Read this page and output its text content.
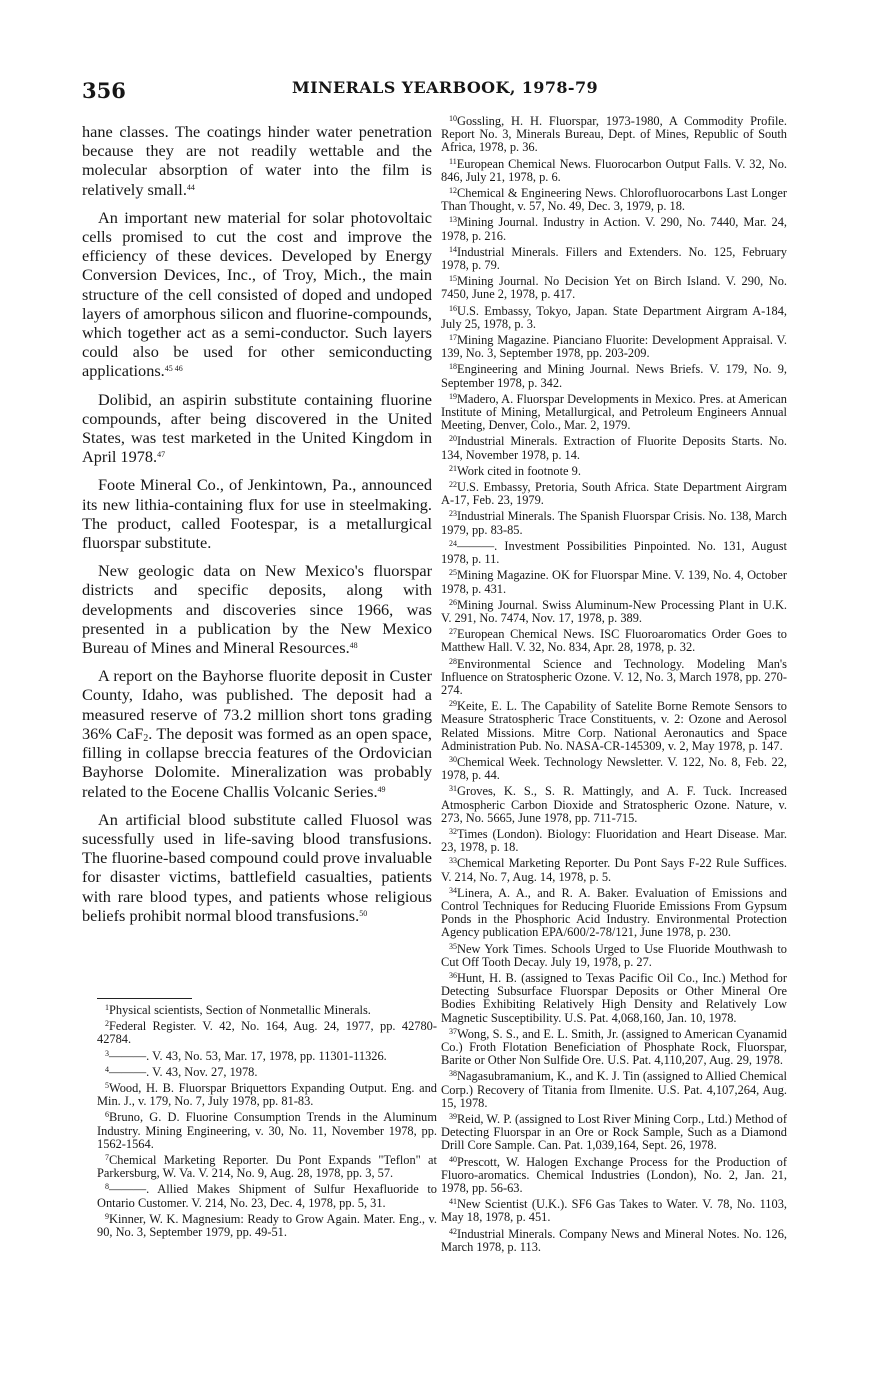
356	MINERALS YEARBOOK, 1978-79

hane classes. The coatings hinder water penetration because they are not readily wettable and the molecular absorption of water into the film is relatively small.$^{44}$

An important new material for solar photovoltaic cells promised to cut the cost and improve the efficiency of these devices. Developed by Energy Conversion Devices, Inc., of Troy, Mich., the main structure of the cell consisted of doped and undoped layers of amorphous silicon and fluorine-compounds, which together act as a semi-conductor. Such layers could also be used for other semiconducting applications.$^{45 46}$

Dolibid, an aspirin substitute containing fluorine compounds, after being discovered in the United States, was test marketed in the United Kingdom in April 1978.47

Foote Mineral Co., of Jenkintown, Pa., announced its new lithia-containing flux for use in steelmaking. The product, called Footespar, is a metallurgical fluorspar substitute.

New geologic data on New Mexico's fluorspar districts and specific deposits, along with developments and discoveries since 1966, was presented in a publication by the New Mexico Bureau of Mines and Mineral Resources.$^{48}$

A report on the Bayhorse fluorite deposit in Custer County, Idaho, was published. The deposit had a measured reserve of 73.2 million short tons grading 36% CaF$_2$. The deposit was formed as an open space, filling in collapse breccia features of the Ordovician Bayhorse Dolomite. Mineralization was probably related to the Eocene Challis Volcanic Series.$^{49}$

An artificial blood substitute called Fluosol was sucessfully used in life-saving blood transfusions. The fluorine-based compound could prove invaluable for disaster victims, battlefield casualties, patients with rare blood types, and patients whose religious beliefs prohibit normal blood transfusions.$^{50}$

$^1$Physical scientists, Section of Nonmetallic Minerals.

$^2$Federal Register. V. 42, No. 164, Aug. 24, 1977, pp. 42780-42784.

$^3$———. V. 43, No. 53, Mar. 17, 1978, pp. 11301-11326.

$^4$———. V. 43, Nov. 27, 1978.

$^5$Wood, H. B. Fluorspar Briquettors Expanding Output. Eng. and Min. J., v. 179, No. 7, July 1978, pp. 81-83.

$^6$Bruno, G. D. Fluorine Consumption Trends in the Aluminum Industry. Mining Engineering, v. 30, No. 11, November 1978, pp. 1562-1564.

$^7$Chemical Marketing Reporter. Du Pont Expands "Teflon" at Parkersburg, W. Va. V. 214, No. 9, Aug. 28, 1978, pp. 3, 57.

$^8$———. Allied Makes Shipment of Sulfur Hexafluoride to Ontario Customer. V. 214, No. 23, Dec. 4, 1978, pp. 5, 31.

$^9$Kinner, W. K. Magnesium: Ready to Grow Again. Mater. Eng., v. 90, No. 3, September 1979, pp. 49-51.

$^{10}$Gossling, H. H. Fluorspar, 1973-1980, A Commodity Profile. Report No. 3, Minerals Bureau, Dept. of Mines, Republic of South Africa, 1978, p. 36.

$^{11}$European Chemical News. Fluorocarbon Output Falls. V. 32, No. 846, July 21, 1978, p. 6.

$^{12}$Chemical & Engineering News. Chlorofluorocarbons Last Longer Than Thought, v. 57, No. 49, Dec. 3, 1979, p. 18.

$^{13}$Mining Journal. Industry in Action. V. 290, No. 7440, Mar. 24, 1978, p. 216.

$^{14}$Industrial Minerals. Fillers and Extenders. No. 125, February 1978, p. 79.

$^{15}$Mining Journal. No Decision Yet on Birch Island. V. 290, No. 7450, June 2, 1978, p. 417.

$^{16}$U.S. Embassy, Tokyo, Japan. State Department Airgram A-184, July 25, 1978, p. 3.

$^{17}$Mining Magazine. Pianciano Fluorite: Development Appraisal. V. 139, No. 3, September 1978, pp. 203-209.

$^{18}$Engineering and Mining Journal. News Briefs. V. 179, No. 9, September 1978, p. 342.

$^{19}$Madero, A. Fluorspar Developments in Mexico. Pres. at American Institute of Mining, Metallurgical, and Petroleum Engineers Annual Meeting, Denver, Colo., Mar. 2, 1979.

$^{20}$Industrial Minerals. Extraction of Fluorite Deposits Starts. No. 134, November 1978, p. 14.

$^{21}$Work cited in footnote 9.

$^{22}$U.S. Embassy, Pretoria, South Africa. State Department Airgram A-17, Feb. 23, 1979.

$^{23}$Industrial Minerals. The Spanish Fluorspar Crisis. No. 138, March 1979, pp. 83-85.

$^{24}$———. Investment Possibilities Pinpointed. No. 131, August 1978, p. 11.

$^{25}$Mining Magazine. OK for Fluorspar Mine. V. 139, No. 4, October 1978, p. 431.

$^{26}$Mining Journal. Swiss Aluminum-New Processing Plant in U.K. V. 291, No. 7474, Nov. 17, 1978, p. 389.

$^{27}$European Chemical News. ISC Fluoroaromatics Order Goes to Matthew Hall. V. 32, No. 834, Apr. 28, 1978, p. 32.

$^{28}$Environmental Science and Technology. Modeling Man's Influence on Stratospheric Ozone. V. 12, No. 3, March 1978, pp. 270-274.

$^{29}$Keite, E. L. The Capability of Satelite Borne Remote Sensors to Measure Stratospheric Trace Constituents, v. 2: Ozone and Aerosol Related Missions. Mitre Corp. National Aeronautics and Space Administration Pub. No. NASA-CR-145309, v. 2, May 1978, p. 147.

$^{30}$Chemical Week. Technology Newsletter. V. 122, No. 8, Feb. 22, 1978, p. 44.

$^{31}$Groves, K. S., S. R. Mattingly, and A. F. Tuck. Increased Atmospheric Carbon Dioxide and Stratospheric Ozone. Nature, v. 273, No. 5665, June 1978, pp. 711-715.

$^{32}$Times (London). Biology: Fluoridation and Heart Disease. Mar. 23, 1978, p. 18.

$^{33}$Chemical Marketing Reporter. Du Pont Says F-22 Rule Suffices. V. 214, No. 7, Aug. 14, 1978, p. 5.

$^{34}$Linera, A. A., and R. A. Baker. Evaluation of Emissions and Control Techniques for Reducing Fluoride Emissions From Gypsum Ponds in the Phosphoric Acid Industry. Environmental Protection Agency publication EPA/600/2-78/121, June 1978, p. 230.

$^{35}$New York Times. Schools Urged to Use Fluoride Mouthwash to Cut Off Tooth Decay. July 19, 1978, p. 27.

$^{36}$Hunt, H. B. (assigned to Texas Pacific Oil Co., Inc.) Method for Detecting Subsurface Fluorspar Deposits or Other Mineral Ore Bodies Exhibiting Relatively High Density and Relatively Low Magnetic Susceptibility. U.S. Pat. 4,068,160, Jan. 10, 1978.

$^{37}$Wong, S. S., and E. L. Smith, Jr. (assigned to American Cyanamid Co.) Froth Flotation Beneficiation of Phosphate Rock, Fluorspar, Barite or Other Non Sulfide Ore. U.S. Pat. 4,110,207, Aug. 29, 1978.

$^{38}$Nagasubramanium, K., and K. J. Tin (assigned to Allied Chemical Corp.) Recovery of Titania from Ilmenite. U.S. Pat. 4,107,264, Aug. 15, 1978.

$^{39}$Reid, W. P. (assigned to Lost River Mining Corp., Ltd.) Method of Detecting Fluorspar in an Ore or Rock Sample, Such as a Diamond Drill Core Sample. Can. Pat. 1,039,164, Sept. 26, 1978.

$^{40}$Prescott, W. Halogen Exchange Process for the Production of Fluoro-aromatics. Chemical Industries (London), No. 2, Jan. 21, 1978, pp. 56-63.

$^{41}$New Scientist (U.K.). SF6 Gas Takes to Water. V. 78, No. 1103, May 18, 1978, p. 451.

$^{42}$Industrial Minerals. Company News and Mineral Notes. No. 126, March 1978, p. 113.
